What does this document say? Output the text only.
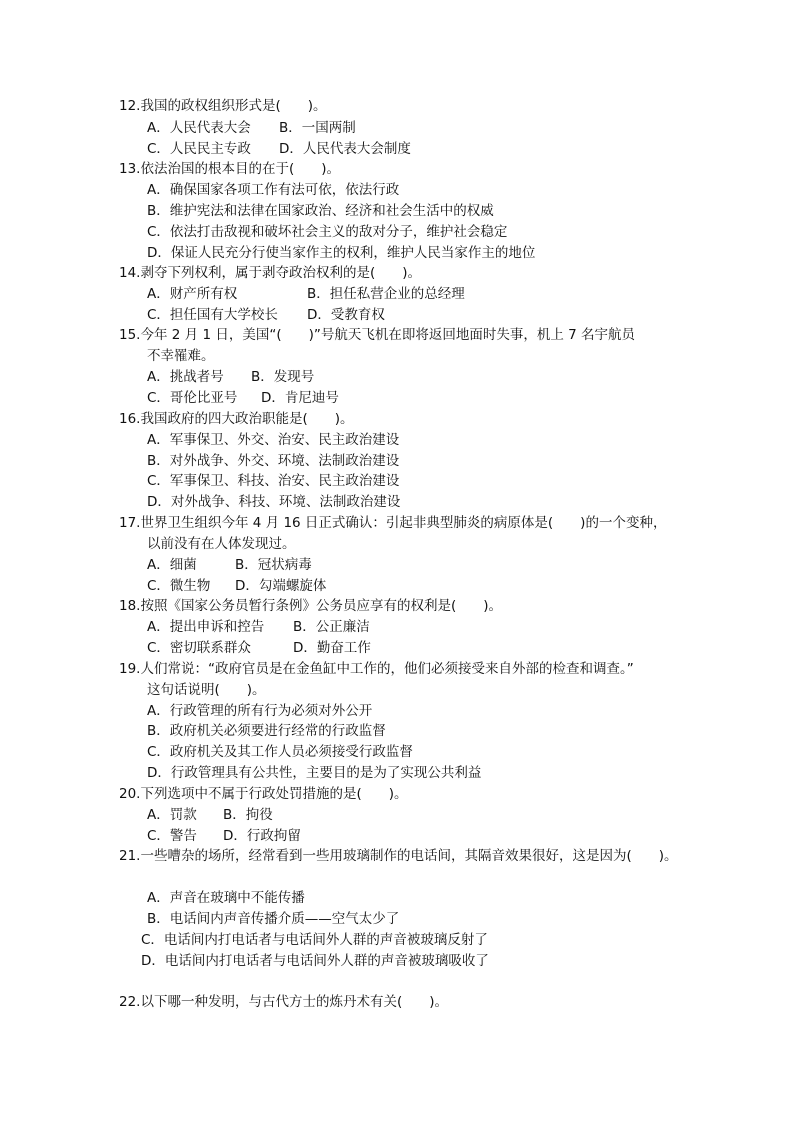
12.我国的政权组织形式是(　　)。
A．人民代表大会 B．一国两制
C．人民民主专政 D．人民代表大会制度
13.依法治国的根本目的在于(　　)。
A．确保国家各项工作有法可依，依法行政
B．维护宪法和法律在国家政治、经济和社会生活中的权威
C．依法打击敌视和破坏社会主义的敌对分子，维护社会稳定
D．保证人民充分行使当家作主的权利，维护人民当家作主的地位
14.剥夺下列权利，属于剥夺政治权利的是(　　)。
A．财产所有权	B．担任私营企业的总经理
C．担任国有大学校长 D．受教育权
15.今年 2 月 1 日，美国“(　　)”号航天飞机在即将返回地面时失事，机上 7 名宇航员
不幸罹难。
A．挑战者号 B．发现号
C．哥伦比亚号 D．肯尼迪号
16.我国政府的四大政治职能是(　　)。
A．军事保卫、外交、治安、民主政治建设
B．对外战争、外交、环境、法制政治建设
C．军事保卫、科技、治安、民主政治建设
D．对外战争、科技、环境、法制政治建设
17.世界卫生组织今年 4 月 16 日正式确认：引起非典型肺炎的病原体是(　　)的一个变种，
以前没有在人体发现过。
A．细菌	B．冠状病毒
C．微生物 D．勾端螺旋体
18.按照《国家公务员暂行条例》公务员应享有的权利是(　　)。
A．提出申诉和控告 B．公正廉洁
C．密切联系群众	D．勤奋工作
19.人们常说：“政府官员是在金鱼缸中工作的，他们必须接受来自外部的检查和调查。”
这句话说明(　　)。
A．行政管理的所有行为必须对外公开
B．政府机关必须要进行经常的行政监督
C．政府机关及其工作人员必须接受行政监督
D．行政管理具有公共性，主要目的是为了实现公共利益
20.下列选项中不属于行政处罚措施的是(　　)。
A．罚款 B．拘役
C．警告 D．行政拘留
21.一些嘈杂的场所，经常看到一些用玻璃制作的电话间，其隔音效果很好，这是因为(　　)。
A．声音在玻璃中不能传播
B．电话间内声音传播介质——空气太少了
C．电话间内打电话者与电话间外人群的声音被玻璃反射了
D．电话间内打电话者与电话间外人群的声音被玻璃吸收了
22.以下哪一种发明，与古代方士的炼丹术有关(　　)。
